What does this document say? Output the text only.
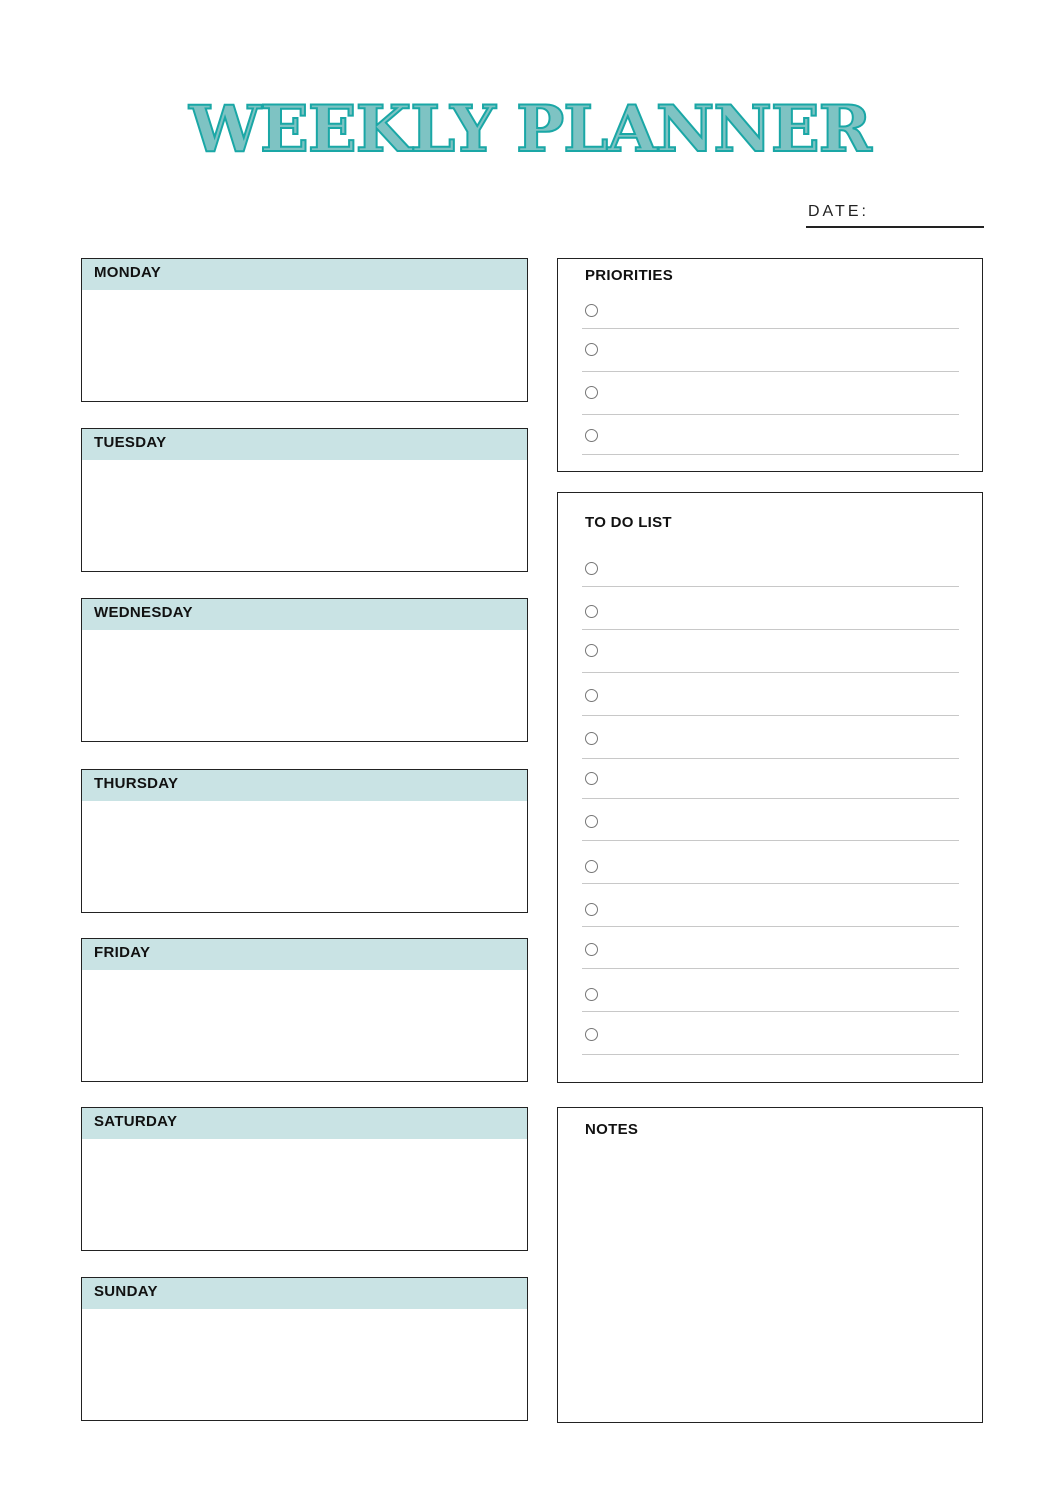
WEEKLY PLANNER
DATE:
MONDAY
TUESDAY
WEDNESDAY
THURSDAY
FRIDAY
SATURDAY
SUNDAY
PRIORITIES
TO DO LIST
NOTES
